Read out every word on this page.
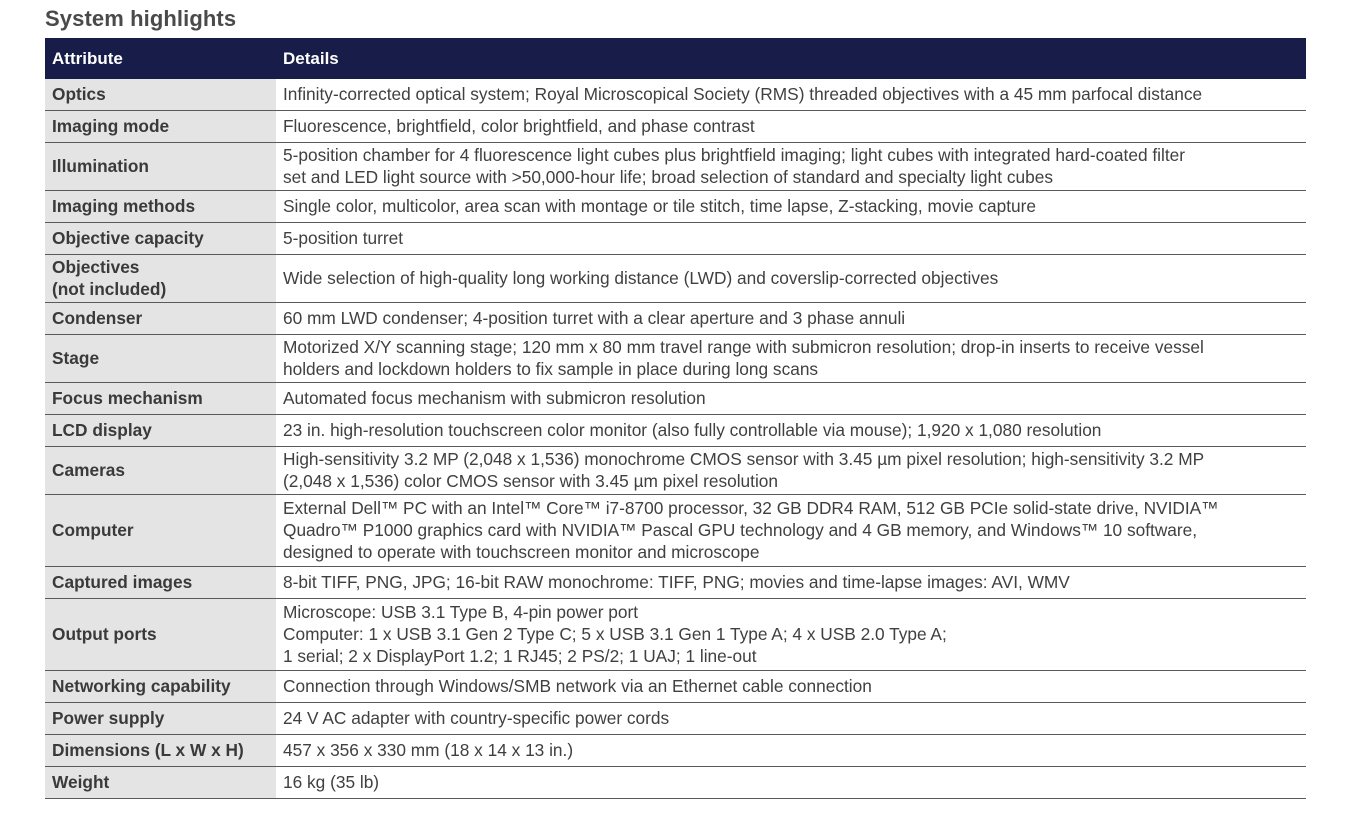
System highlights
Attribute	Details
Optics	Infinity-corrected optical system; Royal Microscopical Society (RMS) threaded objectives with a 45 mm parfocal distance

Imaging mode	Fluorescence, brightfield, color brightfield, and phase contrast

Illumination	5-position chamber for 4 fluorescence light cubes plus brightfield imaging; light cubes with integrated hard-coated filter
set and LED light source with >50,000-hour life; broad selection of standard and specialty light cubes

Imaging methods	Single color, multicolor, area scan with montage or tile stitch, time lapse, Z-stacking, movie capture

Objective capacity	5-position turret

Objectives
(not included)	Wide selection of high-quality long working distance (LWD) and coverslip-corrected objectives

Condenser	60 mm LWD condenser; 4-position turret with a clear aperture and 3 phase annuli

Stage	Motorized X/Y scanning stage; 120 mm x 80 mm travel range with submicron resolution; drop-in inserts to receive vessel
holders and lockdown holders to fix sample in place during long scans

Focus mechanism	Automated focus mechanism with submicron resolution

LCD display	23 in. high-resolution touchscreen color monitor (also fully controllable via mouse); 1,920 x 1,080 resolution

Cameras	High-sensitivity 3.2 MP (2,048 x 1,536) monochrome CMOS sensor with 3.45 µm pixel resolution; high-sensitivity 3.2 MP
(2,048 x 1,536) color CMOS sensor with 3.45 µm pixel resolution

Computer	External Dell™ PC with an Intel™ Core™ i7-8700 processor, 32 GB DDR4 RAM, 512 GB PCIe solid-state drive, NVIDIA™
Quadro™ P1000 graphics card with NVIDIA™ Pascal GPU technology and 4 GB memory, and Windows™ 10 software,
designed to operate with touchscreen monitor and microscope

Captured images	8-bit TIFF, PNG, JPG; 16-bit RAW monochrome: TIFF, PNG; movies and time-lapse images: AVI, WMV

Output ports	Microscope: USB 3.1 Type B, 4-pin power port
Computer: 1 x USB 3.1 Gen 2 Type C; 5 x USB 3.1 Gen 1 Type A; 4 x USB 2.0 Type A;
1 serial; 2 x DisplayPort 1.2; 1 RJ45; 2 PS/2; 1 UAJ; 1 line-out

Networking capability	Connection through Windows/SMB network via an Ethernet cable connection

Power supply	24 V AC adapter with country-specific power cords

Dimensions (L x W x H)	457 x 356 x 330 mm (18 x 14 x 13 in.)

Weight	16 kg (35 lb)
